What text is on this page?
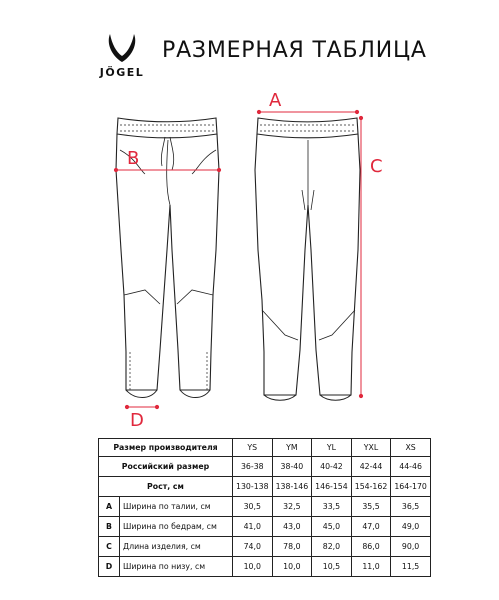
JÖGEL
РАЗМЕРНАЯ ТАБЛИЦА
A
B	C
D
Размер производителя		YS	YM	YL	YXL	XS
Российский размер		36-38	38-40	40-42	42-44	44-46
Рост, см		130-138	138-146	146-154	154-162	164-170
A	Ширина по талии, см	30,5	32,5	33,5	35,5	36,5
B	Ширина по бедрам, см	41,0	43,0	45,0	47,0	49,0
C	Длина изделия, см	74,0	78,0	82,0	86,0	90,0
D	Ширина по низу, см	10,0	10,0	10,5	11,0	11,5
